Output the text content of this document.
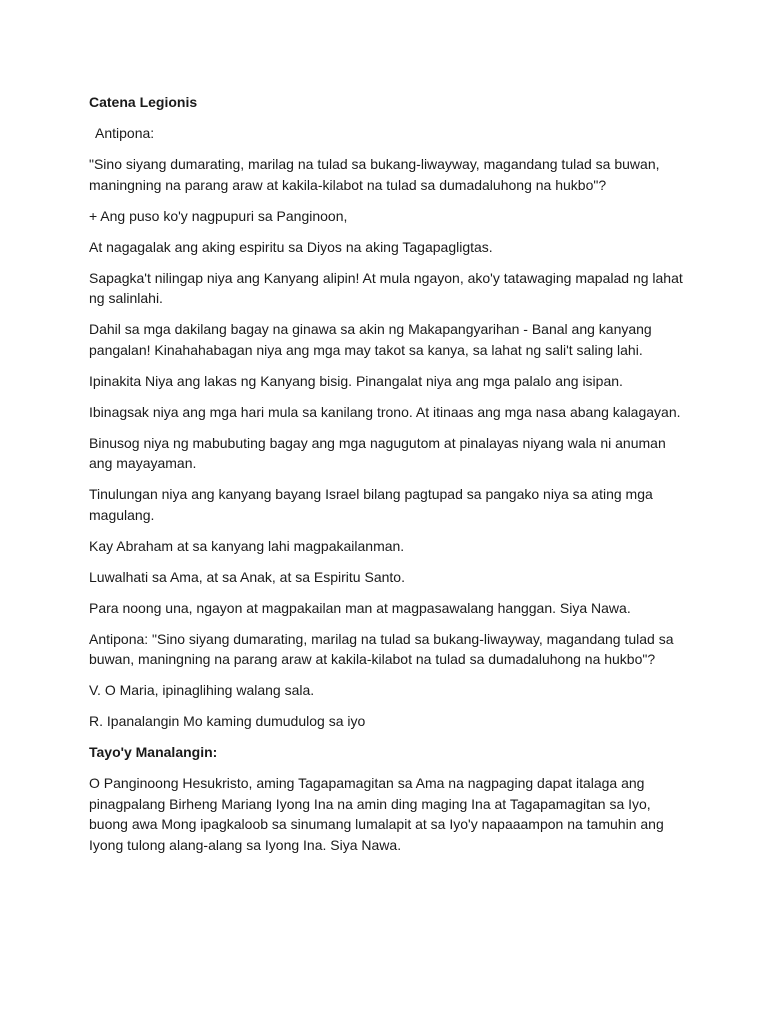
Catena Legionis

Antipona:

"Sino siyang dumarating, marilag na tulad sa bukang-liwayway, magandang tulad sa buwan, maningning na parang araw at kakila-kilabot na tulad sa dumadaluhong na hukbo"?

+ Ang puso ko'y nagpupuri sa Panginoon,

At nagagalak ang aking espiritu sa Diyos na aking Tagapagligtas.

Sapagka't nilingap niya ang Kanyang alipin! At mula ngayon, ako'y tatawaging mapalad ng lahat ng salinlahi.

Dahil sa mga dakilang bagay na ginawa sa akin ng Makapangyarihan - Banal ang kanyang pangalan! Kinahahabagan niya ang mga may takot sa kanya, sa lahat ng sali't saling lahi.

Ipinakita Niya ang lakas ng Kanyang bisig. Pinangalat niya ang mga palalo ang isipan.

Ibinagsak niya ang mga hari mula sa kanilang trono. At itinaas ang mga nasa abang kalagayan.

Binusog niya ng mabubuting bagay ang mga nagugutom at pinalayas niyang wala ni anuman ang mayayaman.

Tinulungan niya ang kanyang bayang Israel bilang pagtupad sa pangako niya sa ating mga magulang.

Kay Abraham at sa kanyang lahi magpakailanman.

Luwalhati sa Ama, at sa Anak, at sa Espiritu Santo.

Para noong una, ngayon at magpakailan man at magpasawalang hanggan. Siya Nawa.

Antipona: "Sino siyang dumarating, marilag na tulad sa bukang-liwayway, magandang tulad sa buwan, maningning na parang araw at kakila-kilabot na tulad sa dumadaluhong na hukbo"?

V. O Maria, ipinaglihing walang sala.

R. Ipanalangin Mo kaming dumudulog sa iyo

Tayo'y Manalangin:

O Panginoong Hesukristo, aming Tagapamagitan sa Ama na nagpaging dapat italaga ang pinagpalang Birheng Mariang Iyong Ina na amin ding maging Ina at Tagapamagitan sa Iyo, buong awa Mong ipagkaloob sa sinumang lumalapit at sa Iyo'y napaaampon na tamuhin ang Iyong tulong alang-alang sa Iyong Ina. Siya Nawa.
